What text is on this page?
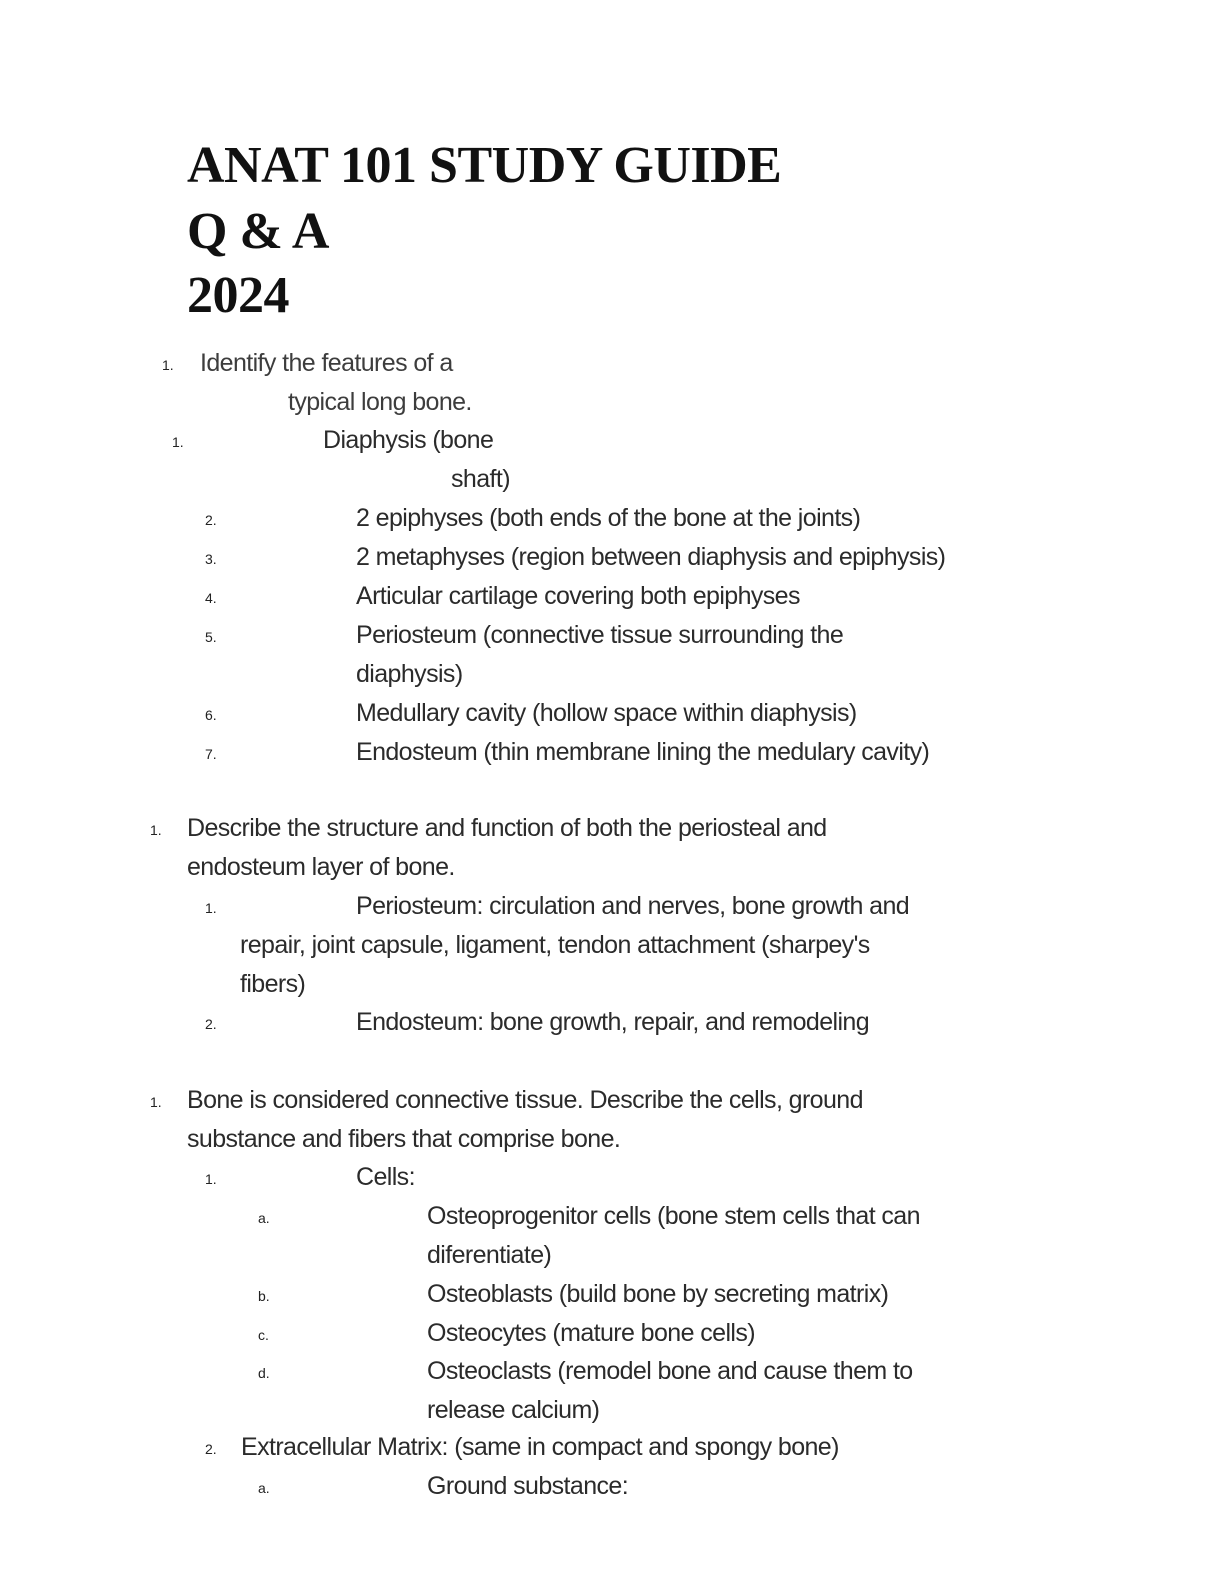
ANAT 101 STUDY GUIDE
Q & A
2024
1. Identify the features of a
typical long bone.
1.	Diaphysis (bone
shaft)
2.	2 epiphyses (both ends of the bone at the joints)
3.	2 metaphyses (region between diaphysis and epiphysis)
4.	Articular cartilage covering both epiphyses
5.	Periosteum (connective tissue surrounding the
diaphysis)
6.	Medullary cavity (hollow space within diaphysis)
7.	Endosteum (thin membrane lining the medulary cavity)
1. Describe the structure and function of both the periosteal and
endosteum layer of bone.
1.	Periosteum: circulation and nerves, bone growth and
repair, joint capsule, ligament, tendon attachment (sharpey's
fibers)
2.	Endosteum: bone growth, repair, and remodeling
1. Bone is considered connective tissue. Describe the cells, ground
substance and fibers that comprise bone.
1.	Cells:
a.	Osteoprogenitor cells (bone stem cells that can
diferentiate)
b.	Osteoblasts (build bone by secreting matrix)
c.	Osteocytes (mature bone cells)
d.	Osteoclasts (remodel bone and cause them to
release calcium)
2. Extracellular Matrix: (same in compact and spongy bone)
a.	Ground substance:
